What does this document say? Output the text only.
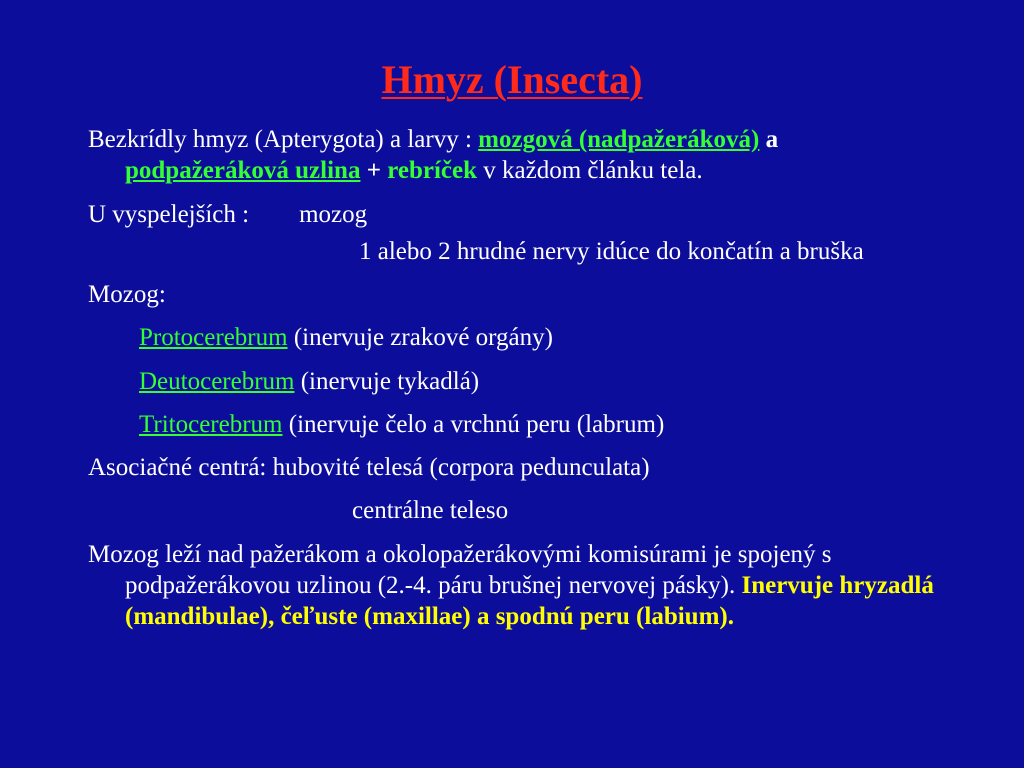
Hmyz (Insecta)
Bezkrídly hmyz (Apterygota) a larvy : mozgová (nadpažeráková) a podpažeráková uzlina + rebríček v každom článku tela.
U vyspelejších : mozog
1 alebo 2 hrudné nervy idúce do končatín a bruška
Mozog:
Protocerebrum (inervuje zrakové orgány)
Deutocerebrum (inervuje tykadlá)
Tritocerebrum (inervuje čelo a vrchnú peru (labrum)
Asociačné centrá: hubovité telesá (corpora pedunculata)
centrálne teleso
Mozog leží nad pažerákom a okolopažerákovými komisúrami je spojený s podpažerákovou uzlinou (2.-4. páru brušnej nervovej pásky). Inervuje hryzadlá (mandibulae), čeľuste (maxillae) a spodnú peru (labium).
